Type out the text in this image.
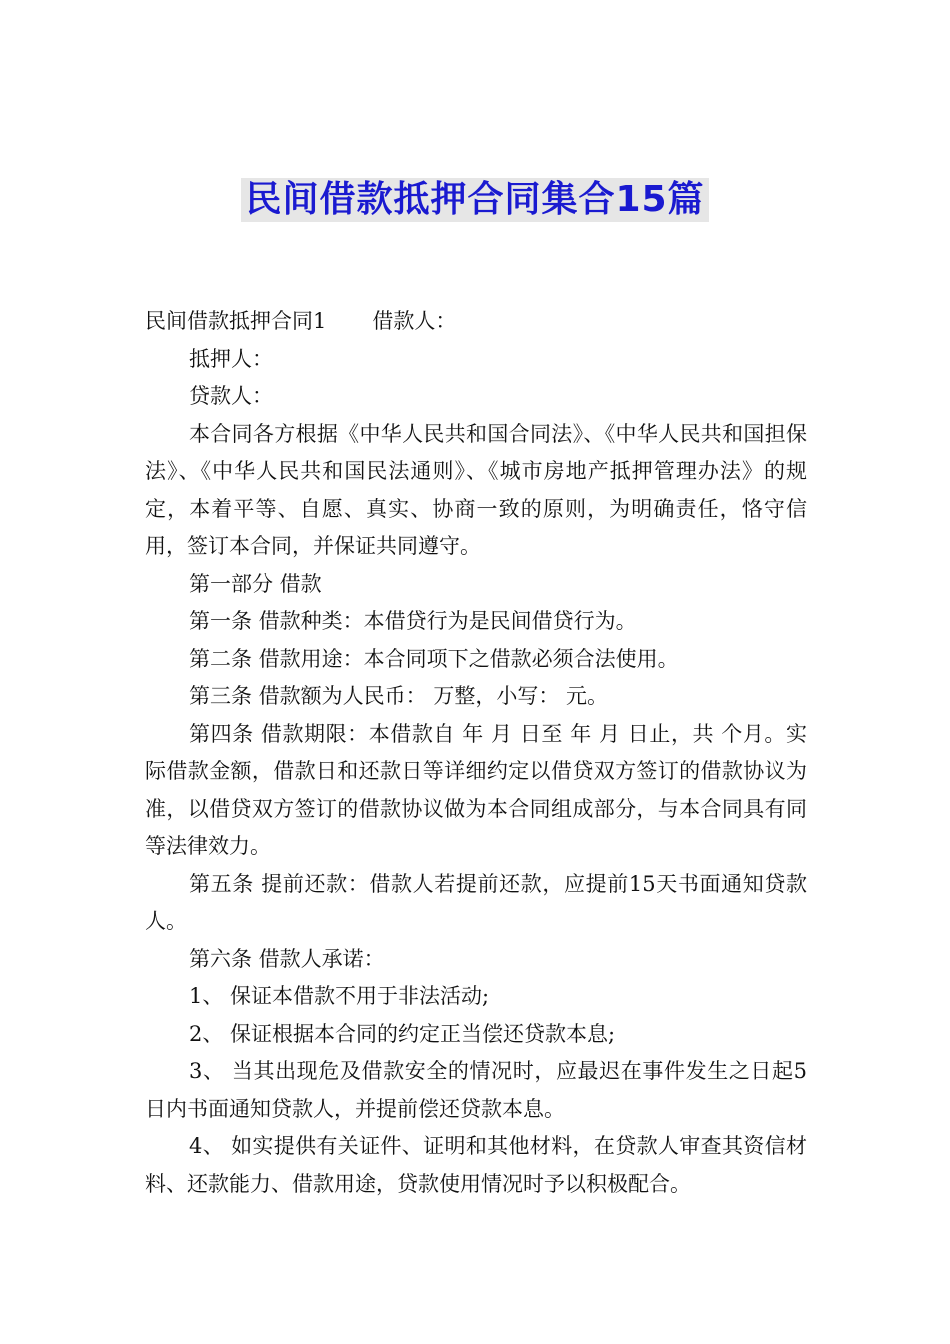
民间借款抵押合同集合15篇

民间借款抵押合同1 借款人：

抵押人：

贷款人：

本合同各方根据《中华人民共和国合同法》、《中华人民共和国担保法》、《中华人民共和国民法通则》、《城市房地产抵押管理办法》的规定，本着平等、自愿、真实、协商一致的原则，为明确责任，恪守信用，签订本合同，并保证共同遵守。

第一部分 借款

第一条 借款种类：本借贷行为是民间借贷行为。

第二条 借款用途：本合同项下之借款必须合法使用。

第三条 借款额为人民币： 万整，小写： 元。

第四条 借款期限：本借款自 年 月 日至 年 月 日止，共 个月。实际借款金额，借款日和还款日等详细约定以借贷双方签订的借款协议为准，以借贷双方签订的借款协议做为本合同组成部分，与本合同具有同等法律效力。

第五条 提前还款：借款人若提前还款，应提前15天书面通知贷款人。

第六条 借款人承诺：

1、 保证本借款不用于非法活动;

2、 保证根据本合同的约定正当偿还贷款本息;

3、 当其出现危及借款安全的情况时，应最迟在事件发生之日起5日内书面通知贷款人，并提前偿还贷款本息。

4、 如实提供有关证件、证明和其他材料，在贷款人审查其资信材料、还款能力、借款用途，贷款使用情况时予以积极配合。
